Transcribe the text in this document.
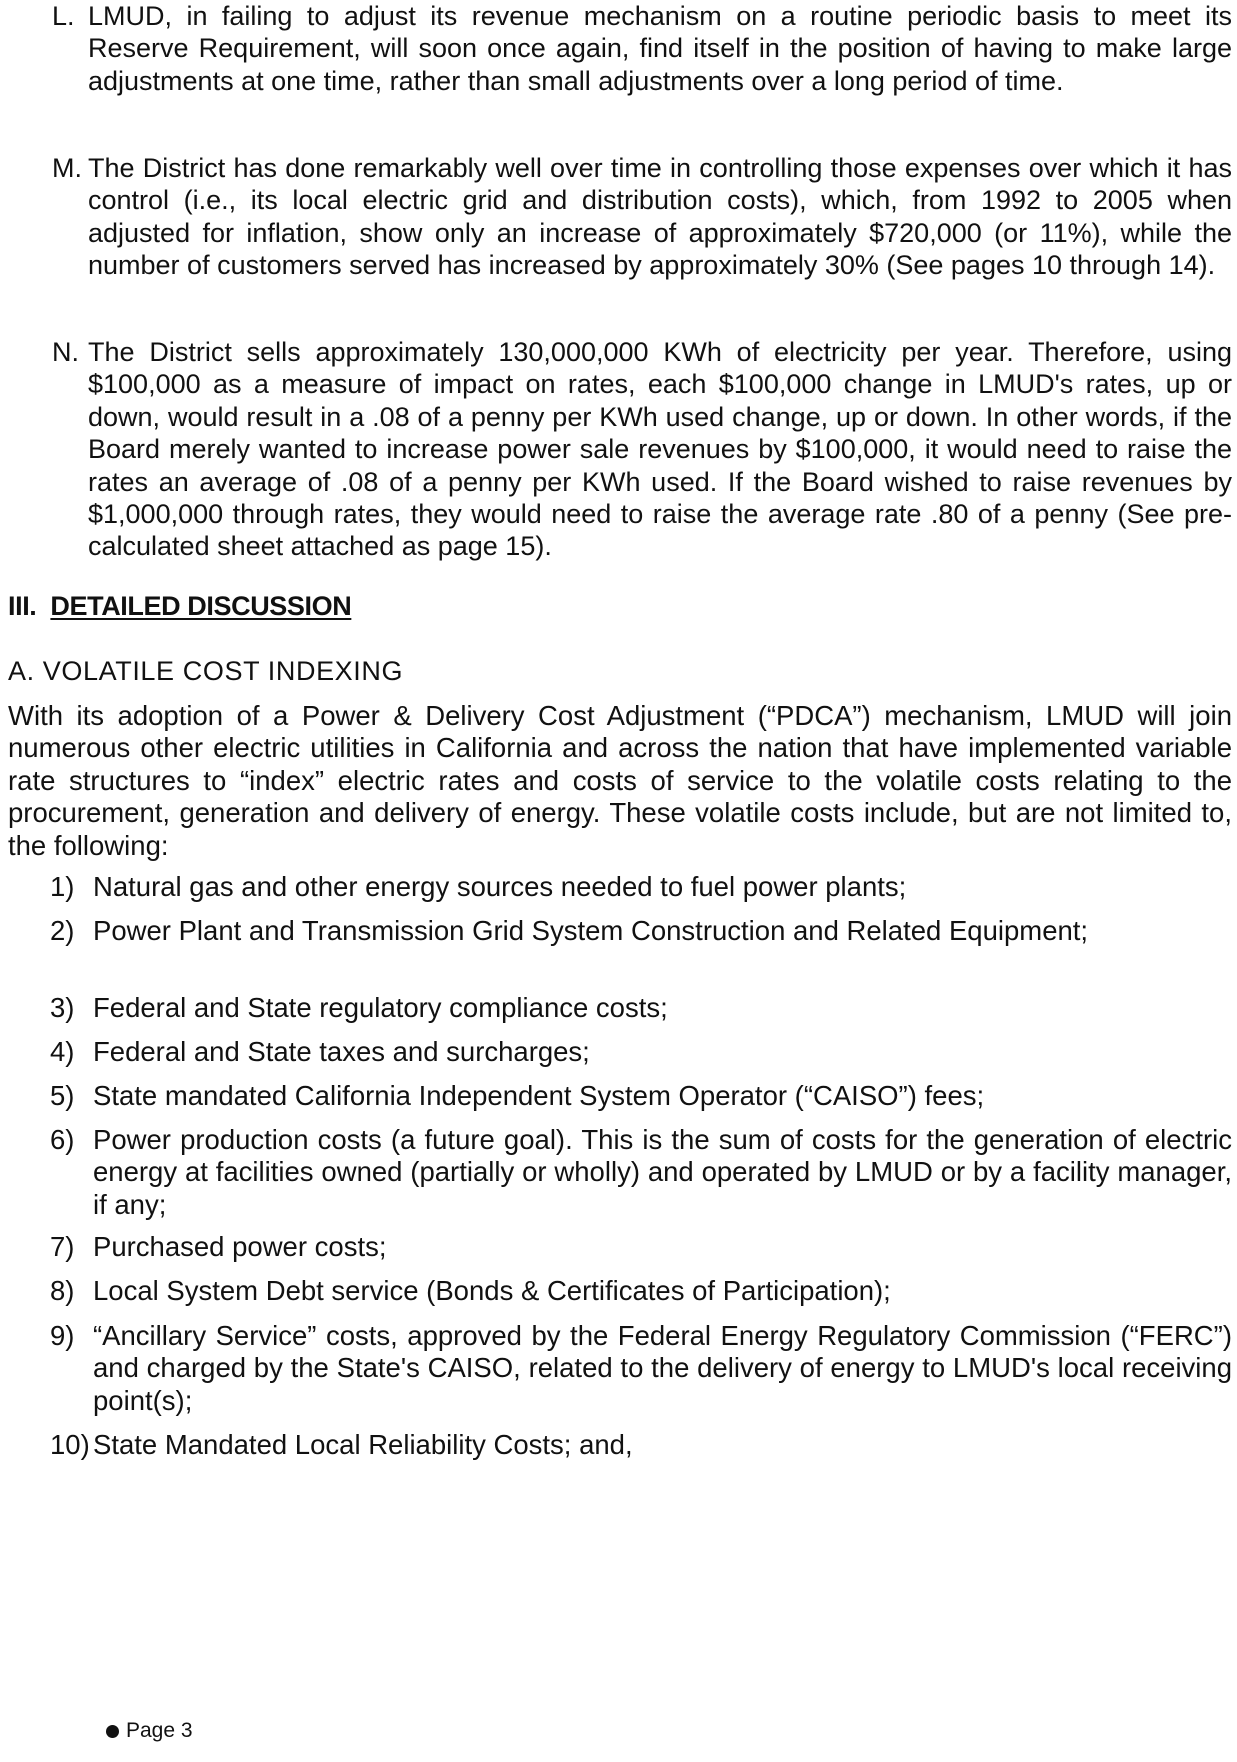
L. LMUD, in failing to adjust its revenue mechanism on a routine periodic basis to meet its Reserve Requirement, will soon once again, find itself in the position of having to make large adjustments at one time, rather than small adjustments over a long period of time.
M. The District has done remarkably well over time in controlling those expenses over which it has control (i.e., its local electric grid and distribution costs), which, from 1992 to 2005 when adjusted for inflation, show only an increase of approximately $720,000 (or 11%), while the number of customers served has increased by approximately 30% (See pages 10 through 14).
N. The District sells approximately 130,000,000 KWh of electricity per year. Therefore, using $100,000 as a measure of impact on rates, each $100,000 change in LMUD's rates, up or down, would result in a .08 of a penny per KWh used change, up or down. In other words, if the Board merely wanted to increase power sale revenues by $100,000, it would need to raise the rates an average of .08 of a penny per KWh used. If the Board wished to raise revenues by $1,000,000 through rates, they would need to raise the average rate .80 of a penny (See pre-calculated sheet attached as page 15).
III. DETAILED DISCUSSION
A. VOLATILE COST INDEXING
With its adoption of a Power & Delivery Cost Adjustment (“PDCA”) mechanism, LMUD will join numerous other electric utilities in California and across the nation that have implemented variable rate structures to “index” electric rates and costs of service to the volatile costs relating to the procurement, generation and delivery of energy. These volatile costs include, but are not limited to, the following:
1) Natural gas and other energy sources needed to fuel power plants;
2) Power Plant and Transmission Grid System Construction and Related Equipment;
3) Federal and State regulatory compliance costs;
4) Federal and State taxes and surcharges;
5) State mandated California Independent System Operator (“CAISO”) fees;
6) Power production costs (a future goal). This is the sum of costs for the generation of electric energy at facilities owned (partially or wholly) and operated by LMUD or by a facility manager, if any;
7) Purchased power costs;
8) Local System Debt service (Bonds & Certificates of Participation);
9) “Ancillary Service” costs, approved by the Federal Energy Regulatory Commission (“FERC”) and charged by the State's CAISO, related to the delivery of energy to LMUD's local receiving point(s);
10) State Mandated Local Reliability Costs; and,
Page 3
